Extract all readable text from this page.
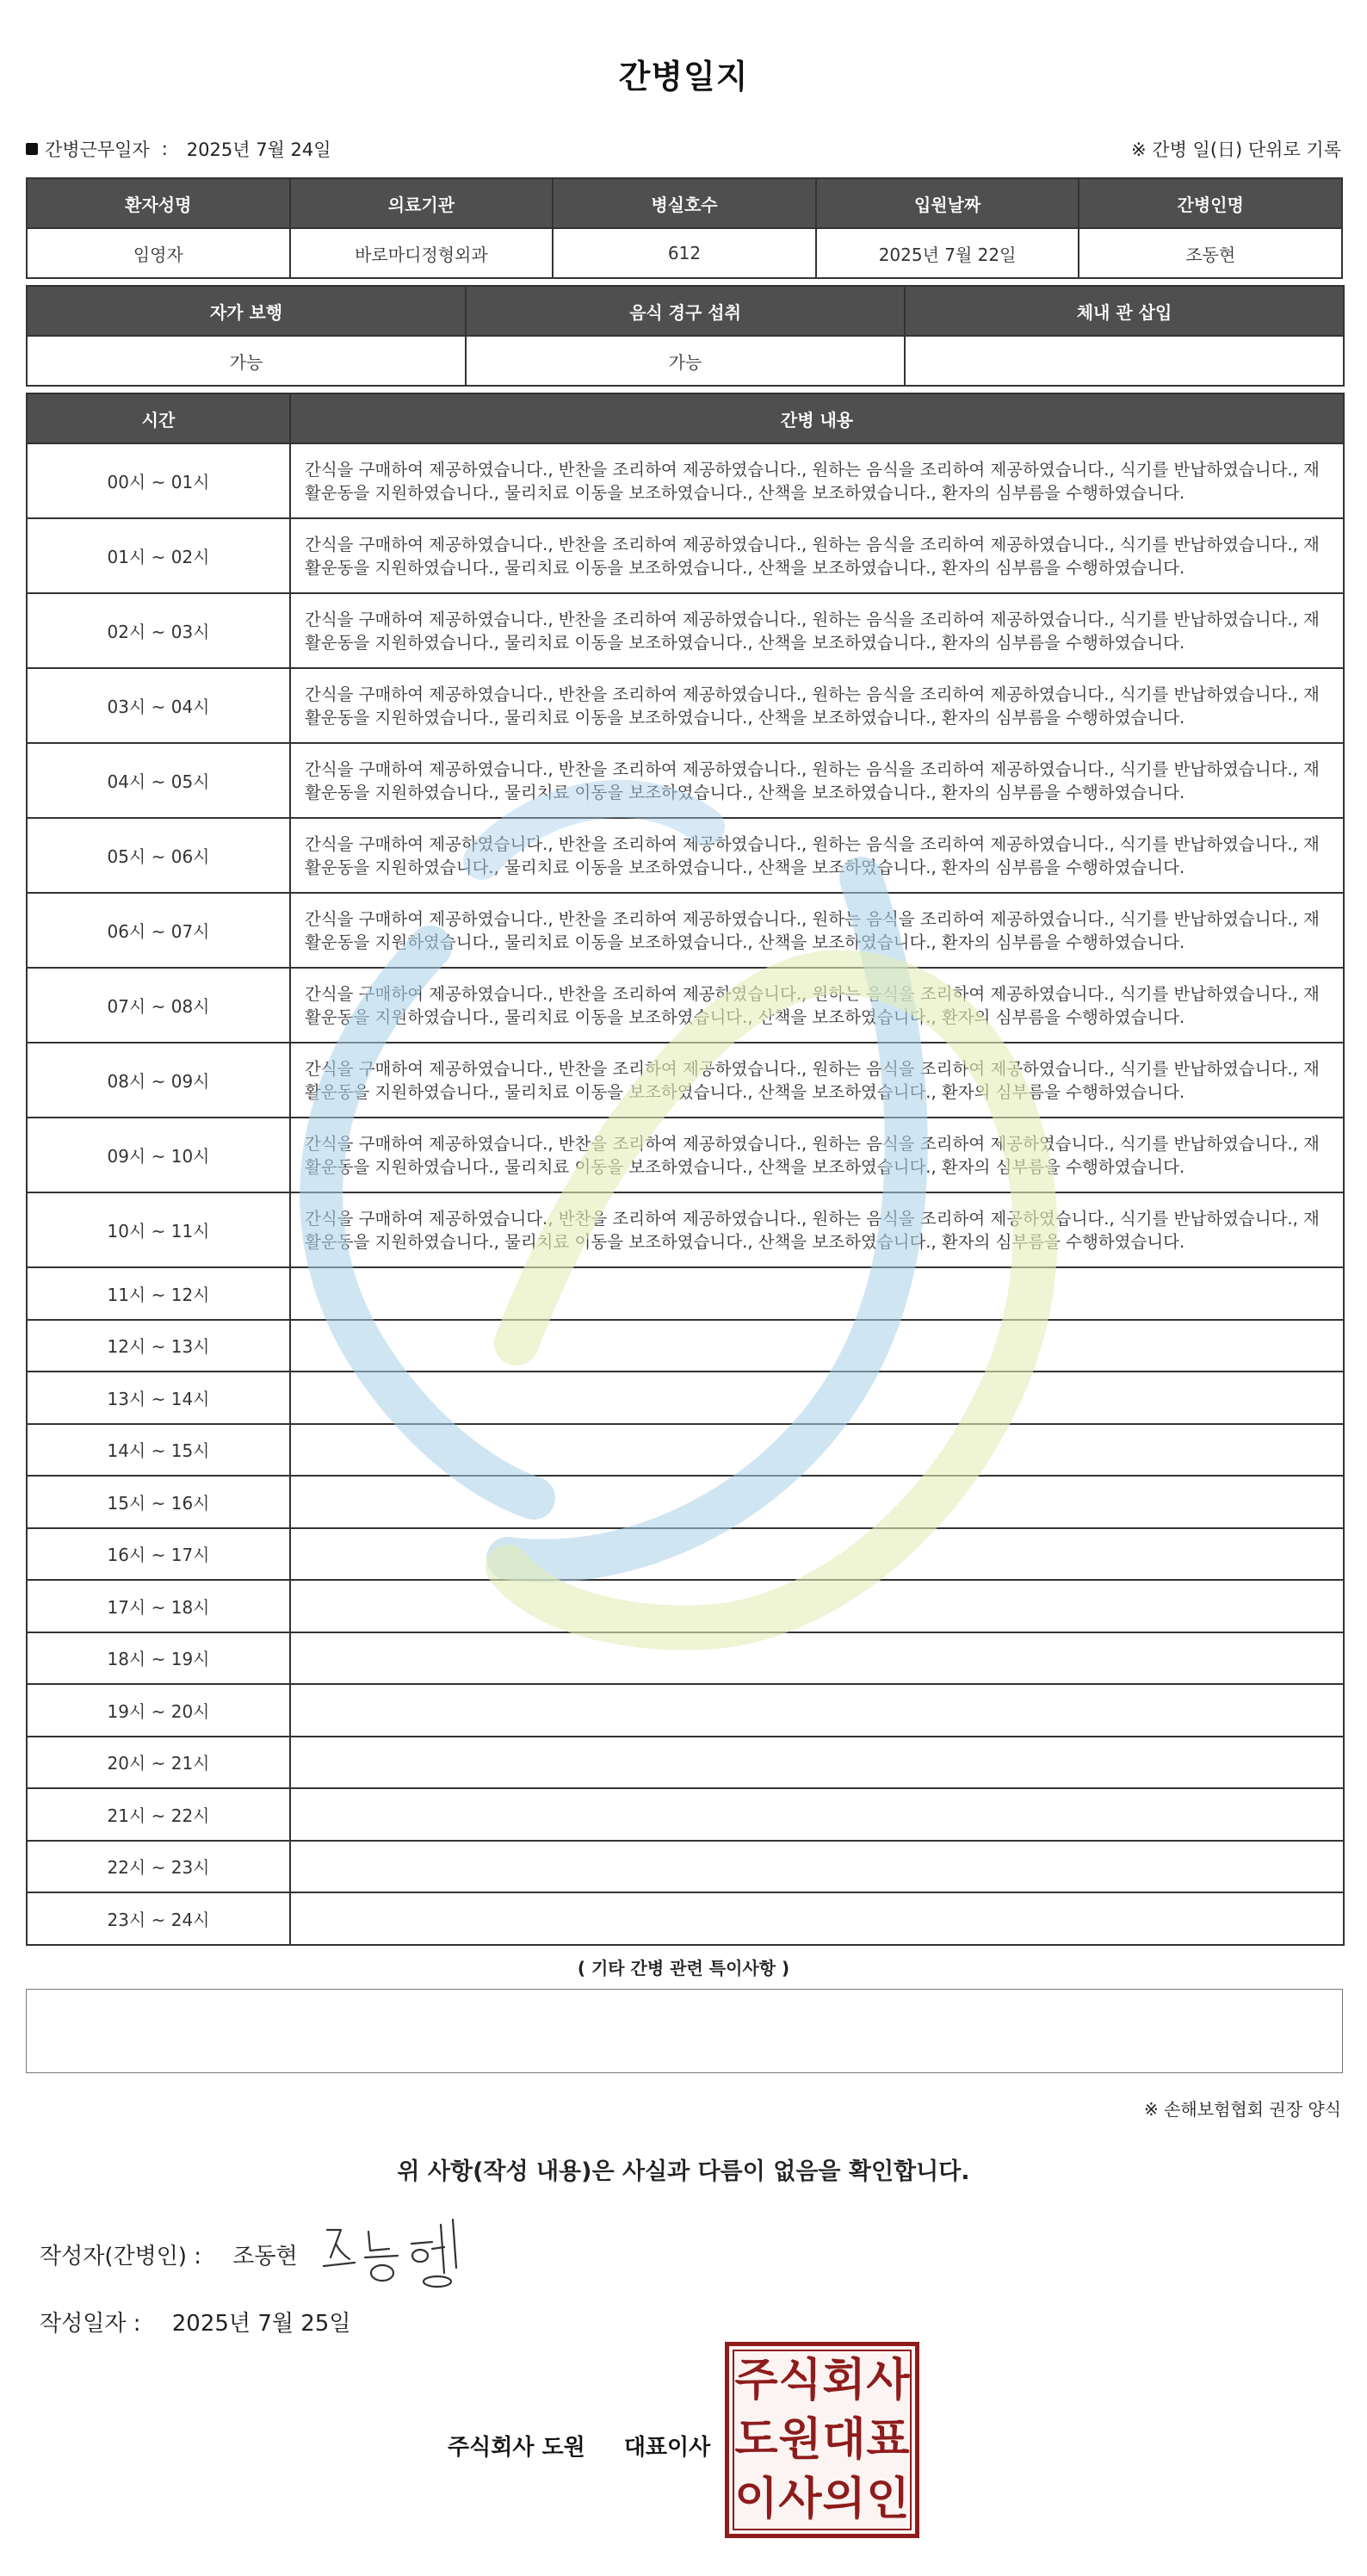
간병일지
간병근무일자 : 2025년 7월 24일	※ 간병 일(日) 단위로 기록
환자성명	의료기관	병실호수	입원날짜	간병인명
임영자	바로마디정형외과	612	2025년 7월 22일	조동현
자가 보행	음식 경구 섭취	체내 관 삽입
가능	가능	
시간	간병 내용
00시 ~ 01시	간식을 구매하여 제공하였습니다., 반찬을 조리하여 제공하였습니다., 원하는 음식을 조리하여 제공하였습니다., 식기를 반납하였습니다., 재활운동을 지원하였습니다., 물리치료 이동을 보조하였습니다., 산책을 보조하였습니다., 환자의 심부름을 수행하였습니다.
01시 ~ 02시	간식을 구매하여 제공하였습니다., 반찬을 조리하여 제공하였습니다., 원하는 음식을 조리하여 제공하였습니다., 식기를 반납하였습니다., 재활운동을 지원하였습니다., 물리치료 이동을 보조하였습니다., 산책을 보조하였습니다., 환자의 심부름을 수행하였습니다.
02시 ~ 03시	간식을 구매하여 제공하였습니다., 반찬을 조리하여 제공하였습니다., 원하는 음식을 조리하여 제공하였습니다., 식기를 반납하였습니다., 재활운동을 지원하였습니다., 물리치료 이동을 보조하였습니다., 산책을 보조하였습니다., 환자의 심부름을 수행하였습니다.
03시 ~ 04시	간식을 구매하여 제공하였습니다., 반찬을 조리하여 제공하였습니다., 원하는 음식을 조리하여 제공하였습니다., 식기를 반납하였습니다., 재활운동을 지원하였습니다., 물리치료 이동을 보조하였습니다., 산책을 보조하였습니다., 환자의 심부름을 수행하였습니다.
04시 ~ 05시	간식을 구매하여 제공하였습니다., 반찬을 조리하여 제공하였습니다., 원하는 음식을 조리하여 제공하였습니다., 식기를 반납하였습니다., 재활운동을 지원하였습니다., 물리치료 이동을 보조하였습니다., 산책을 보조하였습니다., 환자의 심부름을 수행하였습니다.
05시 ~ 06시	간식을 구매하여 제공하였습니다., 반찬을 조리하여 제공하였습니다., 원하는 음식을 조리하여 제공하였습니다., 식기를 반납하였습니다., 재활운동을 지원하였습니다., 물리치료 이동을 보조하였습니다., 산책을 보조하였습니다., 환자의 심부름을 수행하였습니다.
06시 ~ 07시	간식을 구매하여 제공하였습니다., 반찬을 조리하여 제공하였습니다., 원하는 음식을 조리하여 제공하였습니다., 식기를 반납하였습니다., 재활운동을 지원하였습니다., 물리치료 이동을 보조하였습니다., 산책을 보조하였습니다., 환자의 심부름을 수행하였습니다.
07시 ~ 08시	간식을 구매하여 제공하였습니다., 반찬을 조리하여 제공하였습니다., 원하는 음식을 조리하여 제공하였습니다., 식기를 반납하였습니다., 재활운동을 지원하였습니다., 물리치료 이동을 보조하였습니다., 산책을 보조하였습니다., 환자의 심부름을 수행하였습니다.
08시 ~ 09시	간식을 구매하여 제공하였습니다., 반찬을 조리하여 제공하였습니다., 원하는 음식을 조리하여 제공하였습니다., 식기를 반납하였습니다., 재활운동을 지원하였습니다., 물리치료 이동을 보조하였습니다., 산책을 보조하였습니다., 환자의 심부름을 수행하였습니다.
09시 ~ 10시	간식을 구매하여 제공하였습니다., 반찬을 조리하여 제공하였습니다., 원하는 음식을 조리하여 제공하였습니다., 식기를 반납하였습니다., 재활운동을 지원하였습니다., 물리치료 이동을 보조하였습니다., 산책을 보조하였습니다., 환자의 심부름을 수행하였습니다.
10시 ~ 11시	간식을 구매하여 제공하였습니다., 반찬을 조리하여 제공하였습니다., 원하는 음식을 조리하여 제공하였습니다., 식기를 반납하였습니다., 재활운동을 지원하였습니다., 물리치료 이동을 보조하였습니다., 산책을 보조하였습니다., 환자의 심부름을 수행하였습니다.
11시 ~ 12시	
12시 ~ 13시	
13시 ~ 14시	
14시 ~ 15시	
15시 ~ 16시	
16시 ~ 17시	
17시 ~ 18시	
18시 ~ 19시	
19시 ~ 20시	
20시 ~ 21시	
21시 ~ 22시	
22시 ~ 23시	
23시 ~ 24시	
( 기타 간병 관련 특이사항 )
※ 손해보험협회 권장 양식
위 사항(작성 내용)은 사실과 다름이 없음을 확인합니다.
작성자(간병인) : 조동현
작성일자 : 2025년 7월 25일
주식회사 도원 대표이사
주 식 회 사
도 원 대 표
이 사 의 인
